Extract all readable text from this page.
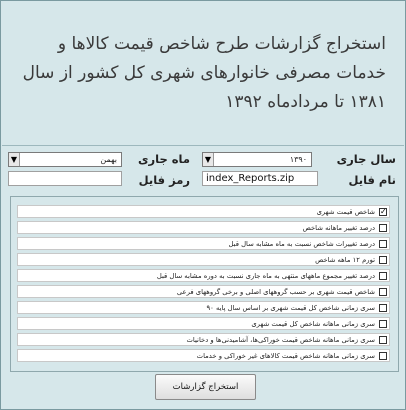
استخراج گزارشات طرح شاخص قیمت کالاها و خدمات مصرفی خانوارهای شهری کل کشور از سال ۱۳۸۱ تا مردادماه ۱۳۹۲
سال جاری
▼	۱۳۹۰
ماه جاری
▼	بهمن
نام فایل
index_Reports.zip
رمز فایل
✓
شاخص قیمت شهری
درصد تغییر ماهانه شاخص
درصد تغییرات شاخص نسبت به ماه مشابه سال قبل
تورم ۱۲ ماهه شاخص
درصد تغییر مجموع ماههای منتهی به ماه جاری نسبت به دوره مشابه سال قبل
شاخص قیمت شهری بر حسب گروههای اصلی و برخی گروههای فرعی
سری زمانی شاخص کل قیمت شهری بر اساس سال پایه ۹۰
سری زمانی ماهانه شاخص کل قیمت شهری
سری زمانی ماهانه شاخص قیمت خوراکی‌ها، آشامیدنی‌ها و دخانیات
سری زمانی ماهانه شاخص قیمت کالاهای غیر خوراکی و خدمات
استخراج گزارشات
